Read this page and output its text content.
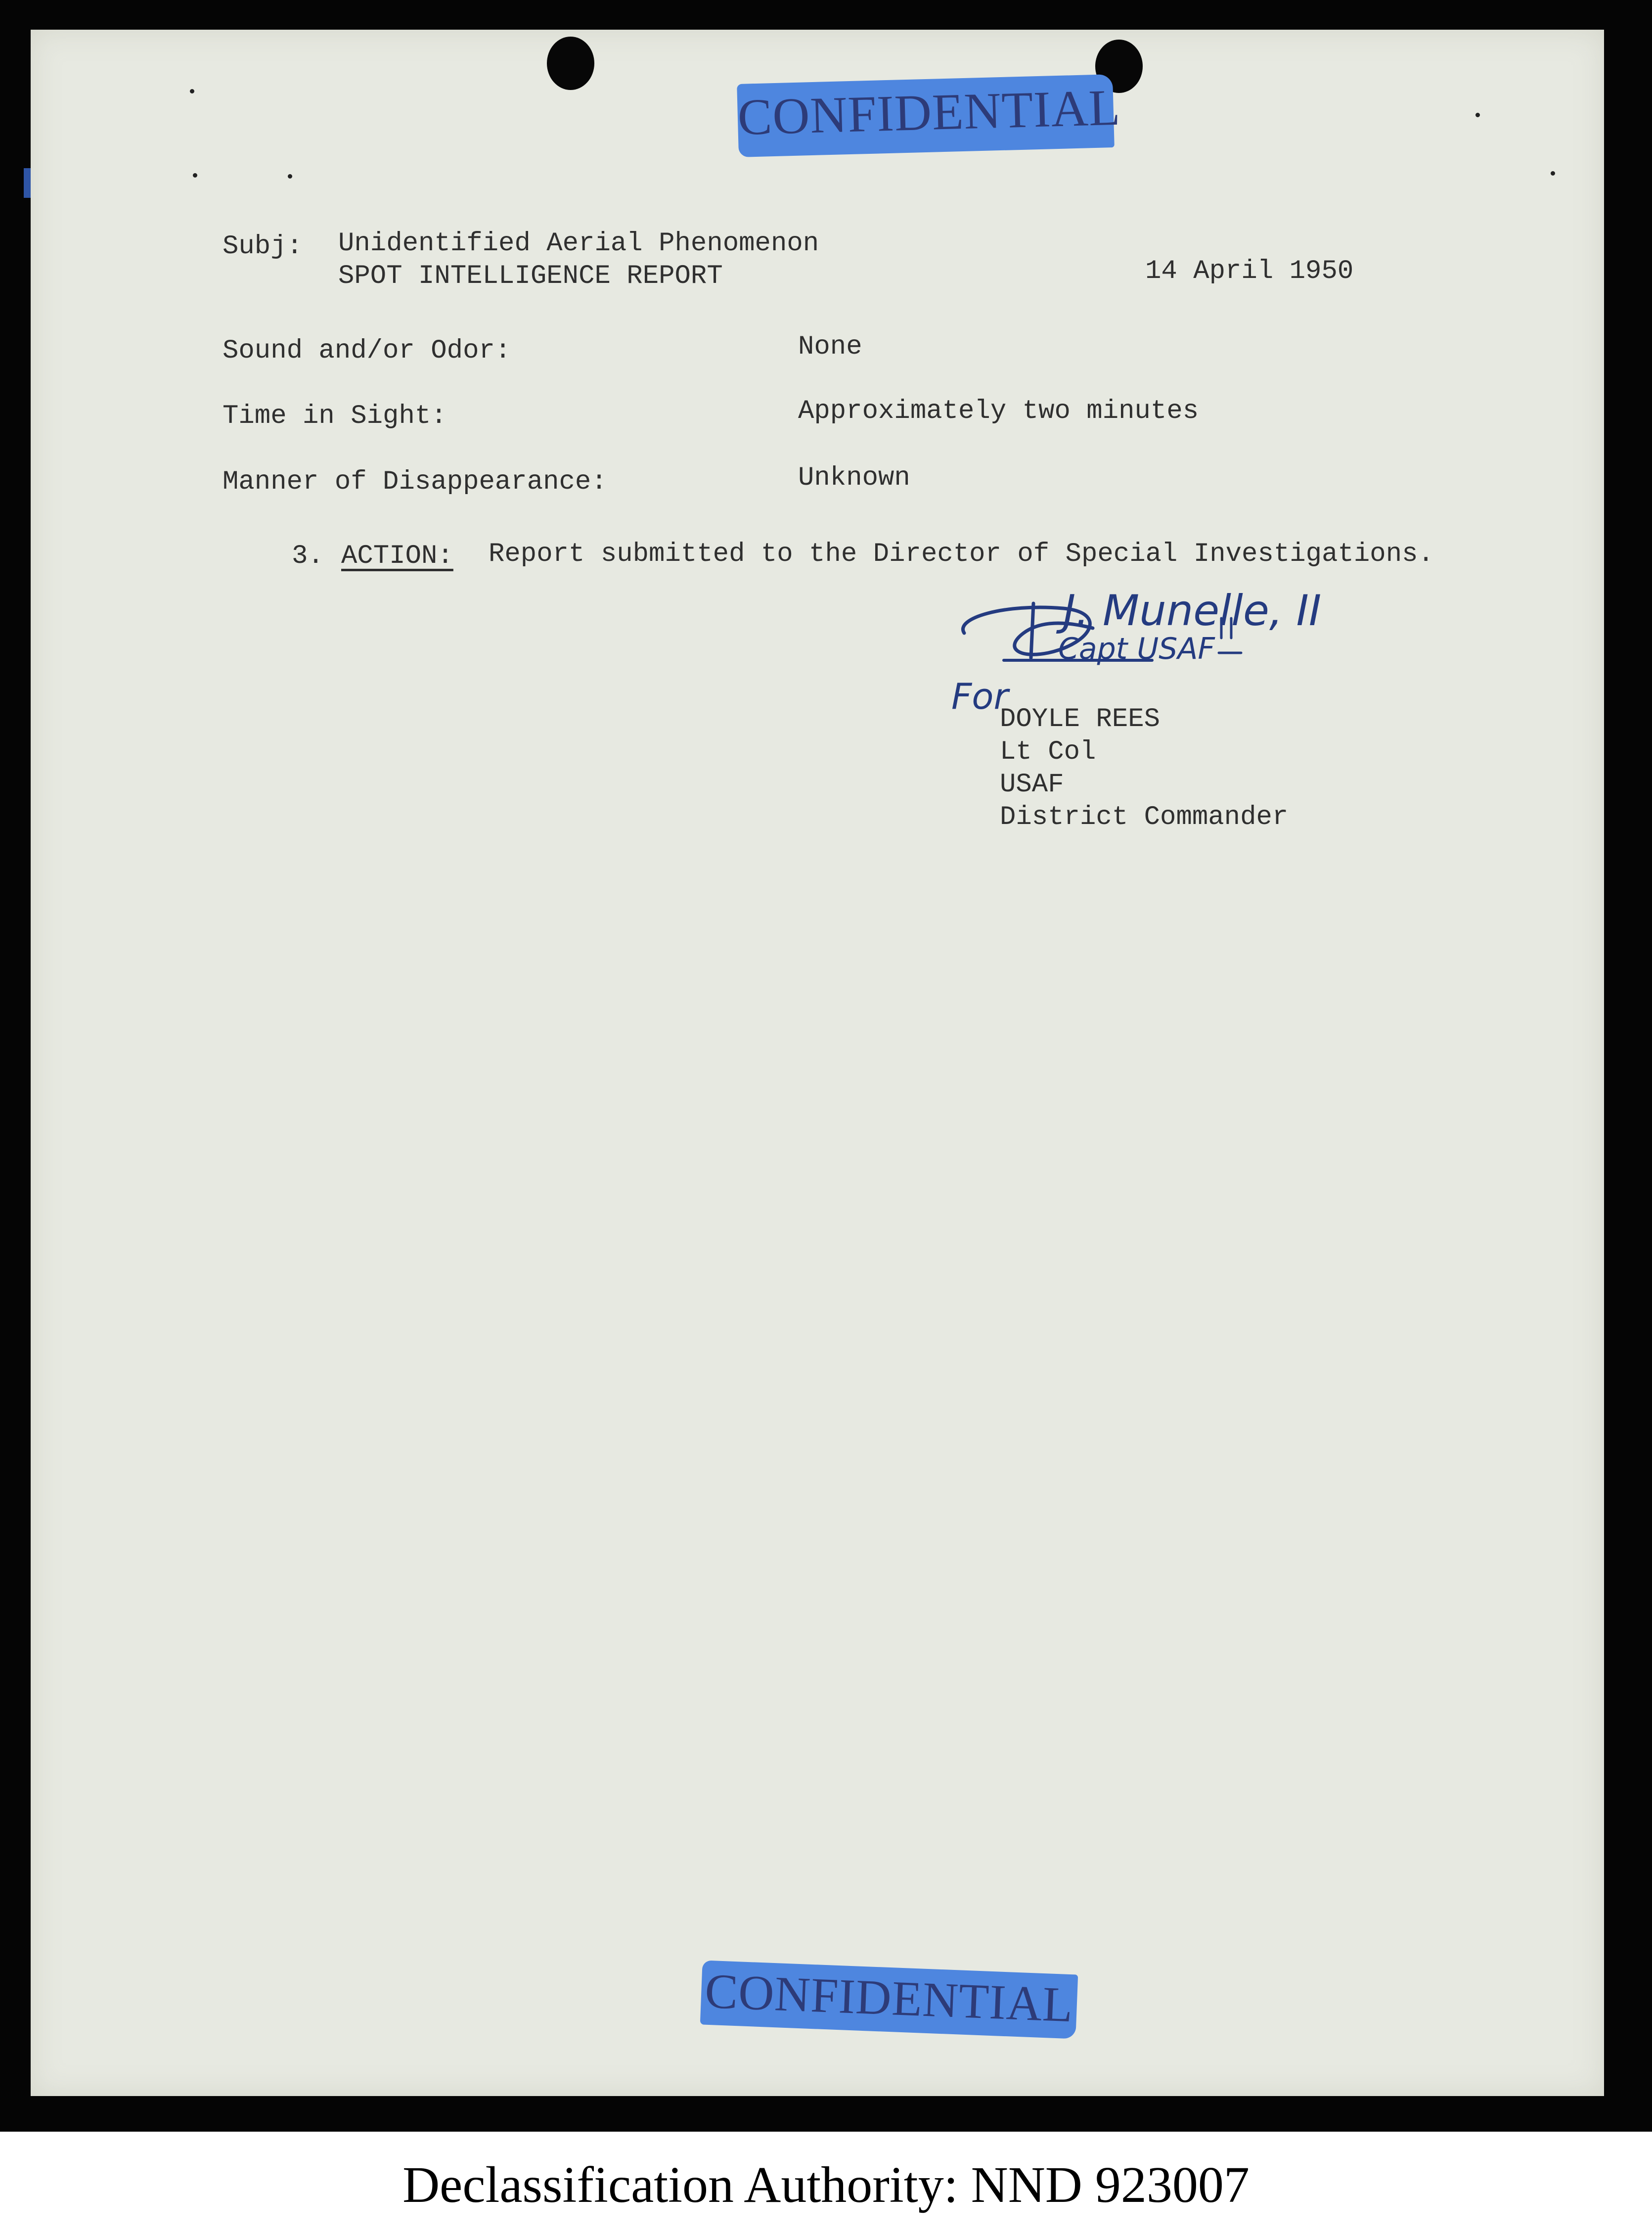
CONFIDENTIAL
Subj: Unidentified Aerial Phenomenon
SPOT INTELLIGENCE REPORT	14 April 1950
Sound and/or Odor:	None
Time in Sight:	Approximately two minutes
Manner of Disappearance:	Unknown
3. ACTION: Report submitted to the Director of Special Investigations.
J. Munelle, II
Capt USAF
For
DOYLE REES
Lt Col
USAF
District Commander
CONFIDENTIAL
Declassification Authority: NND 923007
